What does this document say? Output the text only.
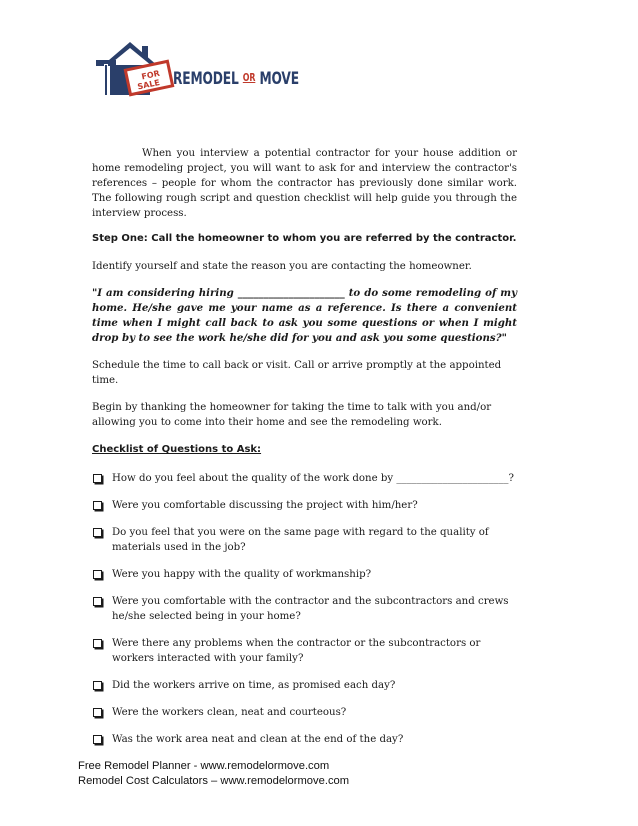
FOR
SALE REMODEL OR MOVE

When you interview a potential contractor for your house addition or home remodeling project, you will want to ask for and interview the contractor's references – people for whom the contractor has previously done similar work. The following rough script and question checklist will help guide you through the interview process.

Step One: Call the homeowner to whom you are referred by the contractor.

Identify yourself and state the reason you are contacting the homeowner.

"I am considering hiring _____________________ to do some remodeling of my home. He/she gave me your name as a reference. Is there a convenient time when I might call back to ask you some questions or when I might drop by to see the work he/she did for you and ask you some questions?"

Schedule the time to call back or visit. Call or arrive promptly at the appointed time.

Begin by thanking the homeowner for taking the time to talk with you and/or allowing you to come into their home and see the remodeling work.

Checklist of Questions to Ask:

How do you feel about the quality of the work done by ______________________?
Were you comfortable discussing the project with him/her?
Do you feel that you were on the same page with regard to the quality of materials used in the job?
Were you happy with the quality of workmanship?
Were you comfortable with the contractor and the subcontractors and crews he/she selected being in your home?
Were there any problems when the contractor or the subcontractors or workers interacted with your family?
Did the workers arrive on time, as promised each day?
Were the workers clean, neat and courteous?
Was the work area neat and clean at the end of the day?
Free Remodel Planner - www.remodelormove.com
Remodel Cost Calculators – www.remodelormove.com
